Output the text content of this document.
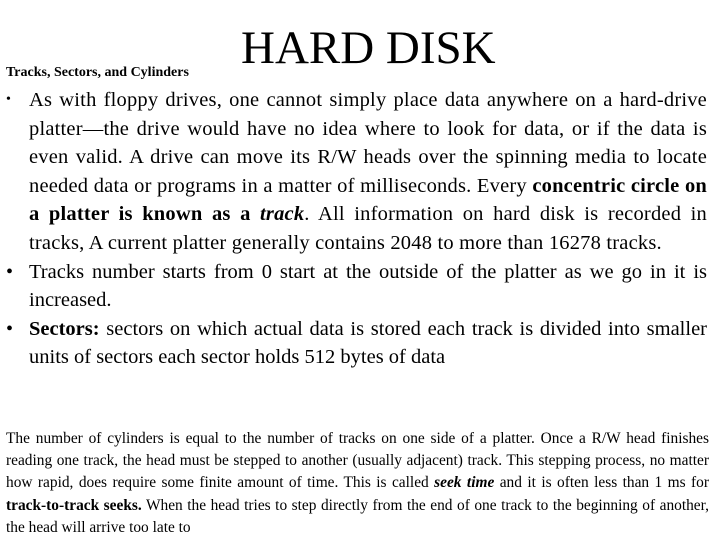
Tracks, Sectors, and Cylinders HARD DISK
• As with floppy drives, one cannot simply place data anywhere on a hard-drive platter—the drive would have no idea where to look for data, or if the data is even valid. A drive can move its R/W heads over the spinning media to locate needed data or programs in a matter of milliseconds. Every concentric circle on a platter is known as a track. All information on hard disk is recorded in tracks, A current platter generally contains 2048 to more than 16278 tracks.
• Tracks number starts from 0 start at the outside of the platter as we go in it is increased.
• Sectors: sectors on which actual data is stored each track is divided into smaller units of sectors each sector holds 512 bytes of data

The number of cylinders is equal to the number of tracks on one side of a platter. Once a R/W head finishes reading one track, the head must be stepped to another (usually adjacent) track. This stepping process, no matter how rapid, does require some finite amount of time. This is called seek time and it is often less than 1 ms for track-to-track seeks. When the head tries to step directly from the end of one track to the beginning of another, the head will arrive too late to
